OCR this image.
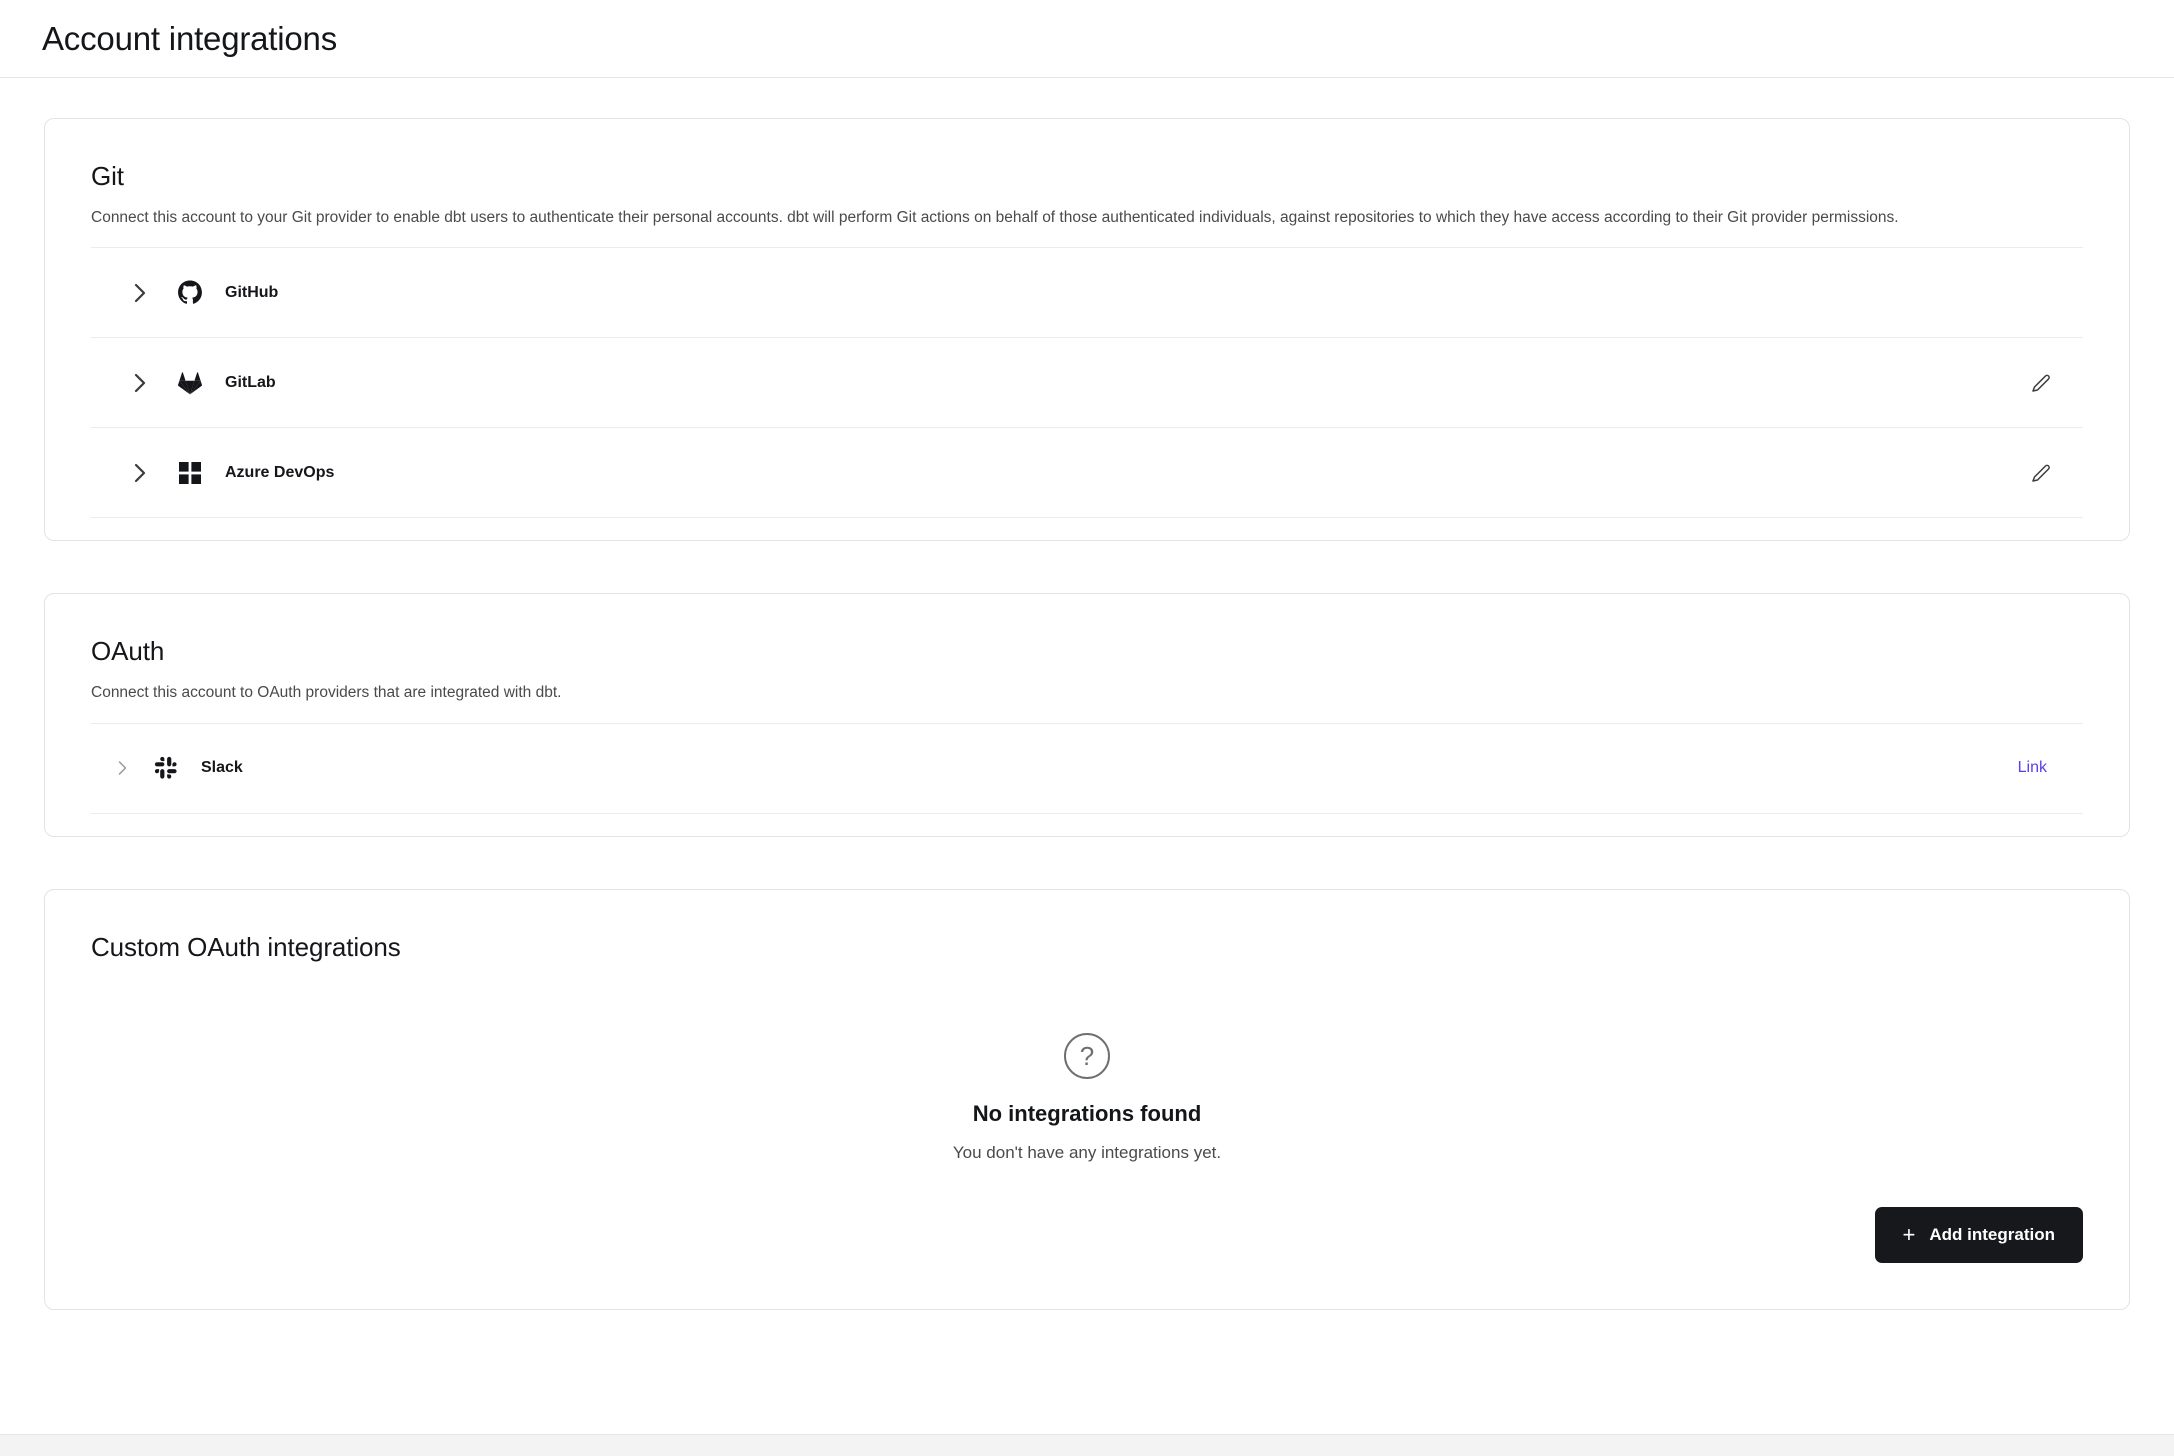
Account integrations
Git

Connect this account to your Git provider to enable dbt users to authenticate their personal accounts. dbt will perform Git actions on behalf of those authenticated individuals, against repositories to which they have access according to their Git provider permissions.

GitHub
GitLab
Azure DevOps
OAuth

Connect this account to OAuth providers that are integrated with dbt.

Slack	Link
Custom OAuth integrations
?
No integrations found
You don't have any integrations yet.
+ Add integration
